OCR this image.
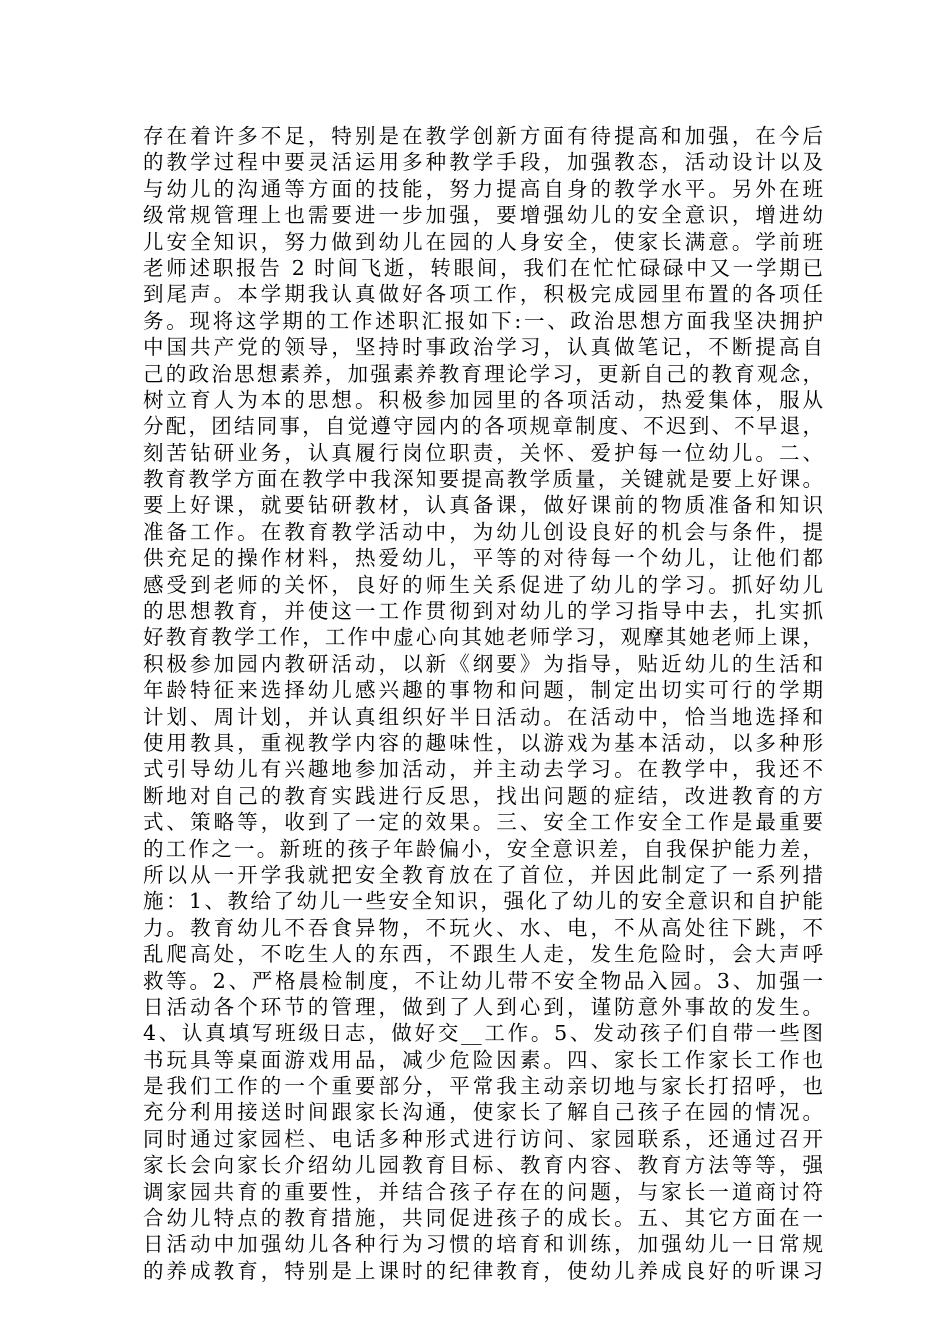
存在着许多不足，特别是在教学创新方面有待提高和加强，在今后
的教学过程中要灵活运用多种教学手段，加强教态，活动设计以及
与幼儿的沟通等方面的技能，努力提高自身的教学水平。另外在班
级常规管理上也需要进一步加强，要增强幼儿的安全意识，增进幼
儿安全知识，努力做到幼儿在园的人身安全，使家长满意。学前班
老师述职报告 2 时间飞逝，转眼间，我们在忙忙碌碌中又一学期已
到尾声。本学期我认真做好各项工作，积极完成园里布置的各项任
务。现将这学期的工作述职汇报如下:一、政治思想方面我坚决拥护
中国共产党的领导，坚持时事政治学习，认真做笔记，不断提高自
己的政治思想素养，加强素养教育理论学习，更新自己的教育观念，
树立育人为本的思想。积极参加园里的各项活动，热爱集体，服从
分配，团结同事，自觉遵守园内的各项规章制度、不迟到、不早退，
刻苦钻研业务，认真履行岗位职责，关怀、爱护每一位幼儿。二、
教育教学方面在教学中我深知要提高教学质量，关键就是要上好课。
要上好课，就要钻研教材，认真备课，做好课前的物质准备和知识
准备工作。在教育教学活动中，为幼儿创设良好的机会与条件，提
供充足的操作材料，热爱幼儿，平等的对待每一个幼儿，让他们都
感受到老师的关怀，良好的师生关系促进了幼儿的学习。抓好幼儿
的思想教育，并使这一工作贯彻到对幼儿的学习指导中去，扎实抓
好教育教学工作，工作中虚心向其她老师学习，观摩其她老师上课，
积极参加园内教研活动，以新《纲要》为指导，贴近幼儿的生活和
年龄特征来选择幼儿感兴趣的事物和问题，制定出切实可行的学期
计划、周计划，并认真组织好半日活动。在活动中，恰当地选择和
使用教具，重视教学内容的趣味性，以游戏为基本活动，以多种形
式引导幼儿有兴趣地参加活动，并主动去学习。在教学中，我还不
断地对自己的教育实践进行反思，找出问题的症结，改进教育的方
式、策略等，收到了一定的效果。三、安全工作安全工作是最重要
的工作之一。新班的孩子年龄偏小，安全意识差，自我保护能力差，
所以从一开学我就把安全教育放在了首位，并因此制定了一系列措
施：1、教给了幼儿一些安全知识，强化了幼儿的安全意识和自护能
力。教育幼儿不吞食异物，不玩火、水、电，不从高处往下跳，不
乱爬高处，不吃生人的东西，不跟生人走，发生危险时，会大声呼
救等。2、严格晨检制度，不让幼儿带不安全物品入园。3、加强一
日活动各个环节的管理，做到了人到心到，谨防意外事故的发生。
4、认真填写班级日志，做好交__工作。5、发动孩子们自带一些图
书玩具等桌面游戏用品，减少危险因素。四、家长工作家长工作也
是我们工作的一个重要部分，平常我主动亲切地与家长打招呼，也
充分利用接送时间跟家长沟通，使家长了解自己孩子在园的情况。
同时通过家园栏、电话多种形式进行访问、家园联系，还通过召开
家长会向家长介绍幼儿园教育目标、教育内容、教育方法等等，强
调家园共育的重要性，并结合孩子存在的问题，与家长一道商讨符
合幼儿特点的教育措施，共同促进孩子的成长。五、其它方面在一
日活动中加强幼儿各种行为习惯的培育和训练，加强幼儿一日常规
的养成教育，特别是上课时的纪律教育，使幼儿养成良好的听课习
